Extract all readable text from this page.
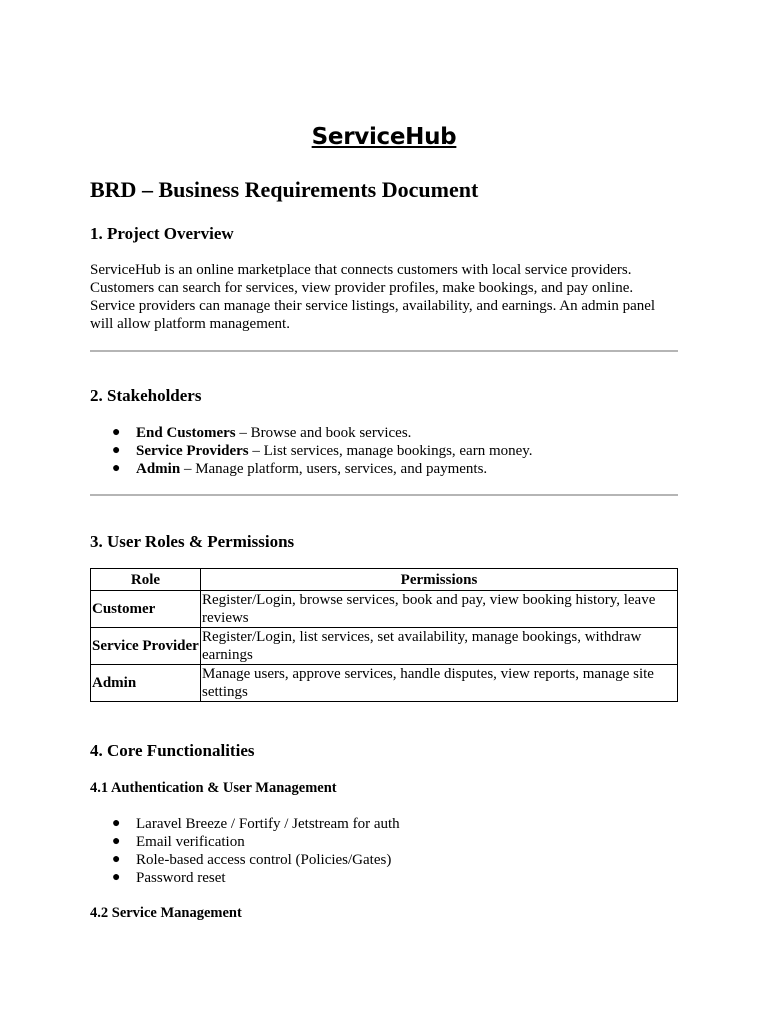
ServiceHub
BRD – Business Requirements Document
1. Project Overview

ServiceHub is an online marketplace that connects customers with local service providers. Customers can search for services, view provider profiles, make bookings, and pay online. Service providers can manage their service listings, availability, and earnings. An admin panel will allow platform management.

2. Stakeholders
● End Customers – Browse and book services.
● Service Providers – List services, manage bookings, earn money.
● Admin – Manage platform, users, services, and payments.
3. User Roles & Permissions
Role	Permissions
Customer	Register/Login, browse services, book and pay, view booking history, leave reviews
Service Provider	Register/Login, list services, set availability, manage bookings, withdraw earnings
Admin	Manage users, approve services, handle disputes, view reports, manage site settings
4. Core Functionalities
4.1 Authentication & User Management
● Laravel Breeze / Fortify / Jetstream for auth
● Email verification
● Role-based access control (Policies/Gates)
● Password reset
4.2 Service Management
